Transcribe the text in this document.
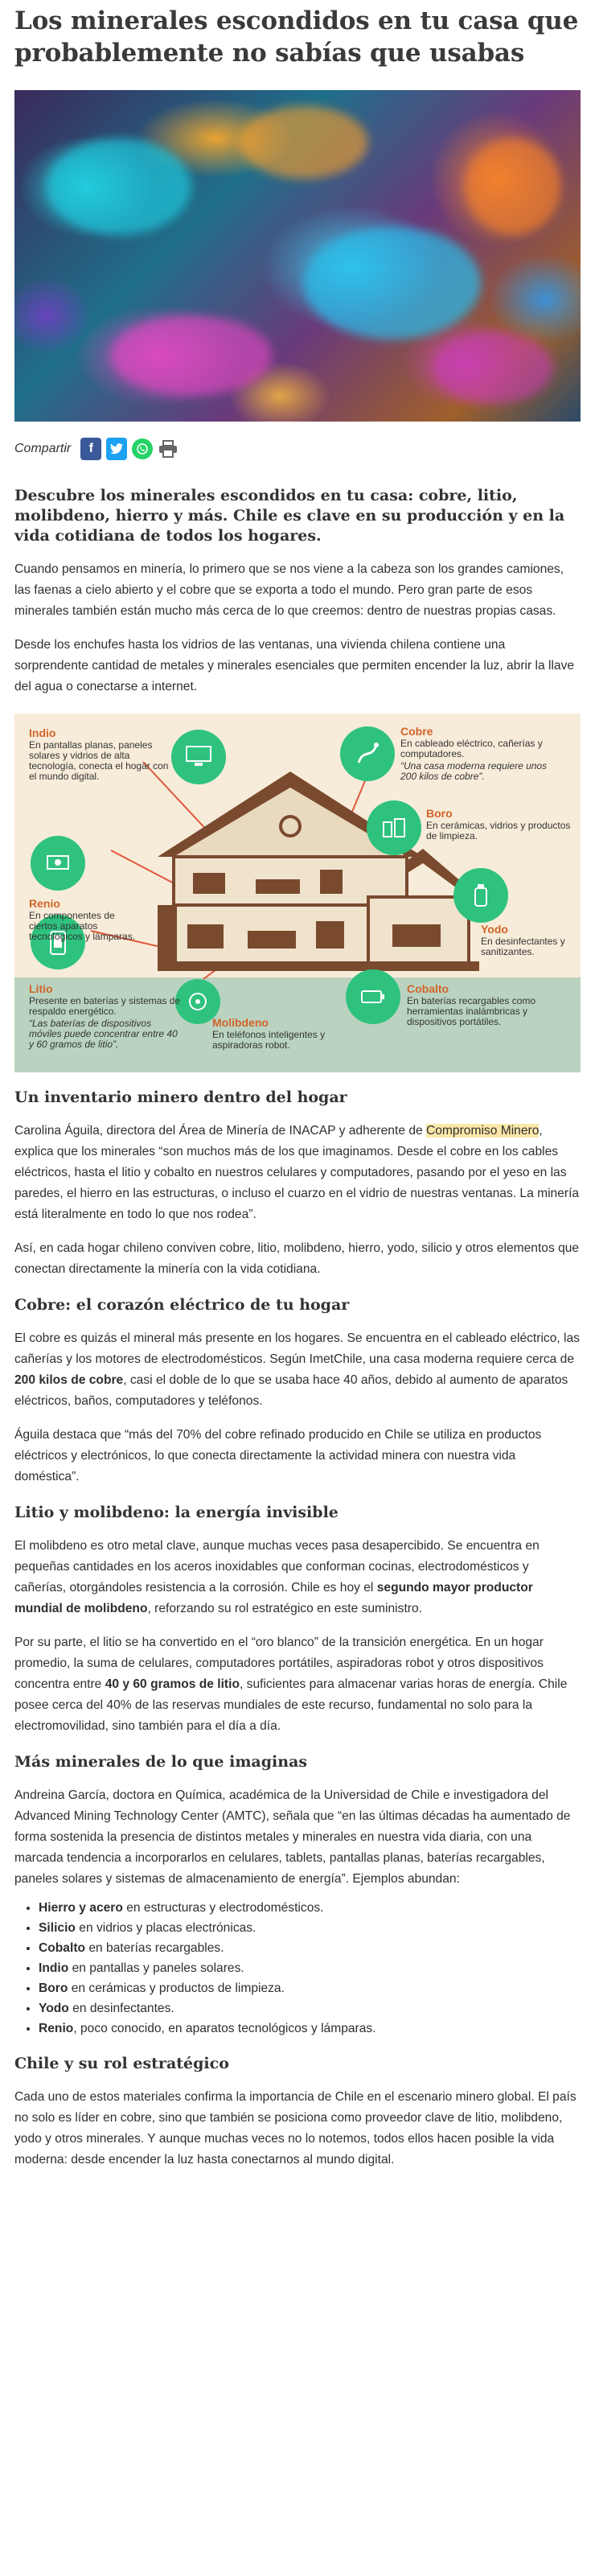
Los minerales escondidos en tu casa que probablemente no sabías que usabas
Compartir	f
Descubre los minerales escondidos en tu casa: cobre, litio, molibdeno, hierro y más. Chile es clave en su producción y en la vida cotidiana de todos los hogares.

Cuando pensamos en minería, lo primero que se nos viene a la cabeza son los grandes camiones, las faenas a cielo abierto y el cobre que se exporta a todo el mundo. Pero gran parte de esos minerales también están mucho más cerca de lo que creemos: dentro de nuestras propias casas.

Desde los enchufes hasta los vidrios de las ventanas, una vivienda chilena contiene una sorprendente cantidad de metales y minerales esenciales que permiten encender la luz, abrir la llave del agua o conectarse a internet.

Indio
En pantallas planas, paneles solares y vidrios de alta tecnología, conecta el hogar con el mundo digital.
Cobre
En cableado eléctrico, cañerías y computadores.
“Una casa moderna requiere unos 200 kilos de cobre”.
Boro
En cerámicas, vidrios y productos de limpieza.
Renio
En componentes de ciertos aparatos tecnológicos y lámparas.
Yodo
En desinfectantes y sanitizantes.
Litio
Presente en baterías y sistemas de respaldo energético.
“Las baterías de dispositivos móviles puede concentrar entre 40 y 60 gramos de litio”.
Molibdeno
En teléfonos inteligentes y aspiradoras robot.
Cobalto
En baterías recargables como herramientas inalámbricas y dispositivos portátiles.
Un inventario minero dentro del hogar

Carolina Águila, directora del Área de Minería de INACAP y adherente de Compromiso Minero, explica que los minerales “son muchos más de los que imaginamos. Desde el cobre en los cables eléctricos, hasta el litio y cobalto en nuestros celulares y computadores, pasando por el yeso en las paredes, el hierro en las estructuras, o incluso el cuarzo en el vidrio de nuestras ventanas. La minería está literalmente en todo lo que nos rodea”.

Así, en cada hogar chileno conviven cobre, litio, molibdeno, hierro, yodo, silicio y otros elementos que conectan directamente la minería con la vida cotidiana.

Cobre: el corazón eléctrico de tu hogar

El cobre es quizás el mineral más presente en los hogares. Se encuentra en el cableado eléctrico, las cañerías y los motores de electrodomésticos. Según ImetChile, una casa moderna requiere cerca de 200 kilos de cobre, casi el doble de lo que se usaba hace 40 años, debido al aumento de aparatos eléctricos, baños, computadores y teléfonos.

Águila destaca que “más del 70% del cobre refinado producido en Chile se utiliza en productos eléctricos y electrónicos, lo que conecta directamente la actividad minera con nuestra vida doméstica”.

Litio y molibdeno: la energía invisible

El molibdeno es otro metal clave, aunque muchas veces pasa desapercibido. Se encuentra en pequeñas cantidades en los aceros inoxidables que conforman cocinas, electrodomésticos y cañerías, otorgándoles resistencia a la corrosión. Chile es hoy el segundo mayor productor mundial de molibdeno, reforzando su rol estratégico en este suministro.

Por su parte, el litio se ha convertido en el “oro blanco” de la transición energética. En un hogar promedio, la suma de celulares, computadores portátiles, aspiradoras robot y otros dispositivos concentra entre 40 y 60 gramos de litio, suficientes para almacenar varias horas de energía. Chile posee cerca del 40% de las reservas mundiales de este recurso, fundamental no solo para la electromovilidad, sino también para el día a día.

Más minerales de lo que imaginas

Andreina García, doctora en Química, académica de la Universidad de Chile e investigadora del Advanced Mining Technology Center (AMTC), señala que “en las últimas décadas ha aumentado de forma sostenida la presencia de distintos metales y minerales en nuestra vida diaria, con una marcada tendencia a incorporarlos en celulares, tablets, pantallas planas, baterías recargables, paneles solares y sistemas de almacenamiento de energía”. Ejemplos abundan:

• Hierro y acero en estructuras y electrodomésticos.
• Silicio en vidrios y placas electrónicas.
• Cobalto en baterías recargables.
• Indio en pantallas y paneles solares.
• Boro en cerámicas y productos de limpieza.
• Yodo en desinfectantes.
• Renio, poco conocido, en aparatos tecnológicos y lámparas.
Chile y su rol estratégico

Cada uno de estos materiales confirma la importancia de Chile en el escenario minero global. El país no solo es líder en cobre, sino que también se posiciona como proveedor clave de litio, molibdeno, yodo y otros minerales. Y aunque muchas veces no lo notemos, todos ellos hacen posible la vida moderna: desde encender la luz hasta conectarnos al mundo digital.
